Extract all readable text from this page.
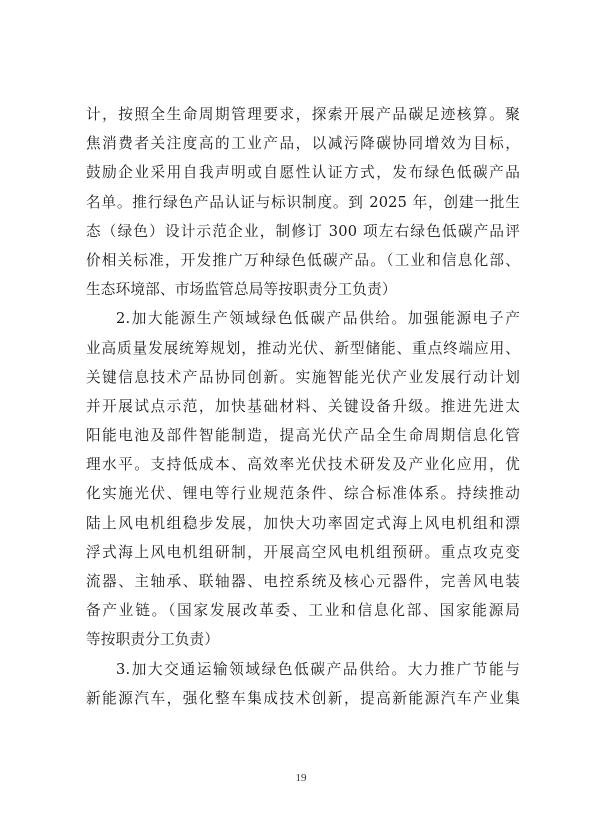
计，按照全生命周期管理要求，探索开展产品碳足迹核算。聚
焦消费者关注度高的工业产品，以减污降碳协同增效为目标，
鼓励企业采用自我声明或自愿性认证方式，发布绿色低碳产品
名单。推行绿色产品认证与标识制度。到 2025 年，创建一批生
态（绿色）设计示范企业，制修订 300 项左右绿色低碳产品评
价相关标准，开发推广万种绿色低碳产品。（工业和信息化部、
生态环境部、市场监管总局等按职责分工负责）
2.加大能源生产领域绿色低碳产品供给。加强能源电子产
业高质量发展统筹规划，推动光伏、新型储能、重点终端应用、
关键信息技术产品协同创新。实施智能光伏产业发展行动计划
并开展试点示范，加快基础材料、关键设备升级。推进先进太
阳能电池及部件智能制造，提高光伏产品全生命周期信息化管
理水平。支持低成本、高效率光伏技术研发及产业化应用，优
化实施光伏、锂电等行业规范条件、综合标准体系。持续推动
陆上风电机组稳步发展，加快大功率固定式海上风电机组和漂
浮式海上风电机组研制，开展高空风电机组预研。重点攻克变
流器、主轴承、联轴器、电控系统及核心元器件，完善风电装
备产业链。（国家发展改革委、工业和信息化部、国家能源局
等按职责分工负责）
3.加大交通运输领域绿色低碳产品供给。大力推广节能与
新能源汽车，强化整车集成技术创新，提高新能源汽车产业集
19
